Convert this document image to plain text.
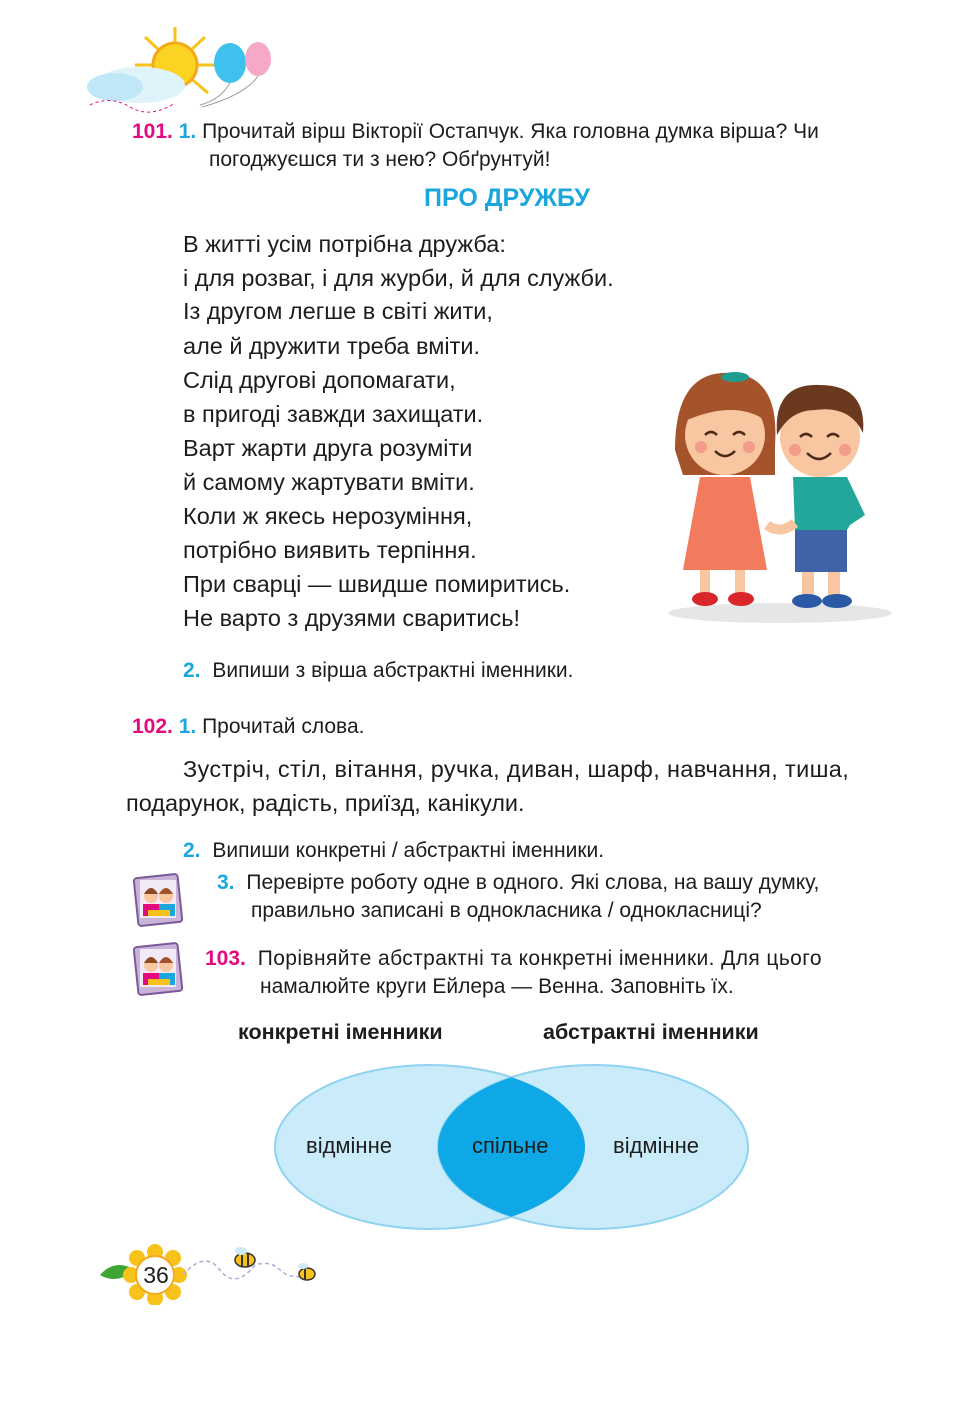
101. 1. Прочитай вірш Вікторії Остапчук. Яка головна думка вірша? Чи
погоджуєшся ти з нею? Обґрунтуй!
ПРО ДРУЖБУ
В житті усім потрібна дружба:
і для розваг, і для журби, й для служби.
Із другом легше в світі жити,
але й дружити треба вміти.
Слід другові допомагати,
в пригоді завжди захищати.
Варт жарти друга розуміти
й самому жартувати вміти.
Коли ж якесь нерозуміння,
потрібно виявить терпіння.
При сварці — швидше помиритись.
Не варто з друзями сваритись!
2. Випиши з вірша абстрактні іменники.
102. 1. Прочитай слова.
Зустріч, стіл, вітання, ручка, диван, шарф, навчання, тиша,
подарунок, радість, приїзд, канікули.
2. Випиши конкретні / абстрактні іменники.
3. Перевірте роботу одне в одного. Які слова, на вашу думку,
правильно записані в однокласника / однокласниці?
103. Порівняйте абстрактні та конкретні іменники. Для цього
намалюйте круги Ейлера — Венна. Заповніть їх.
конкретні іменники	абстрактні іменники
відмінне	спільне	відмінне
36
